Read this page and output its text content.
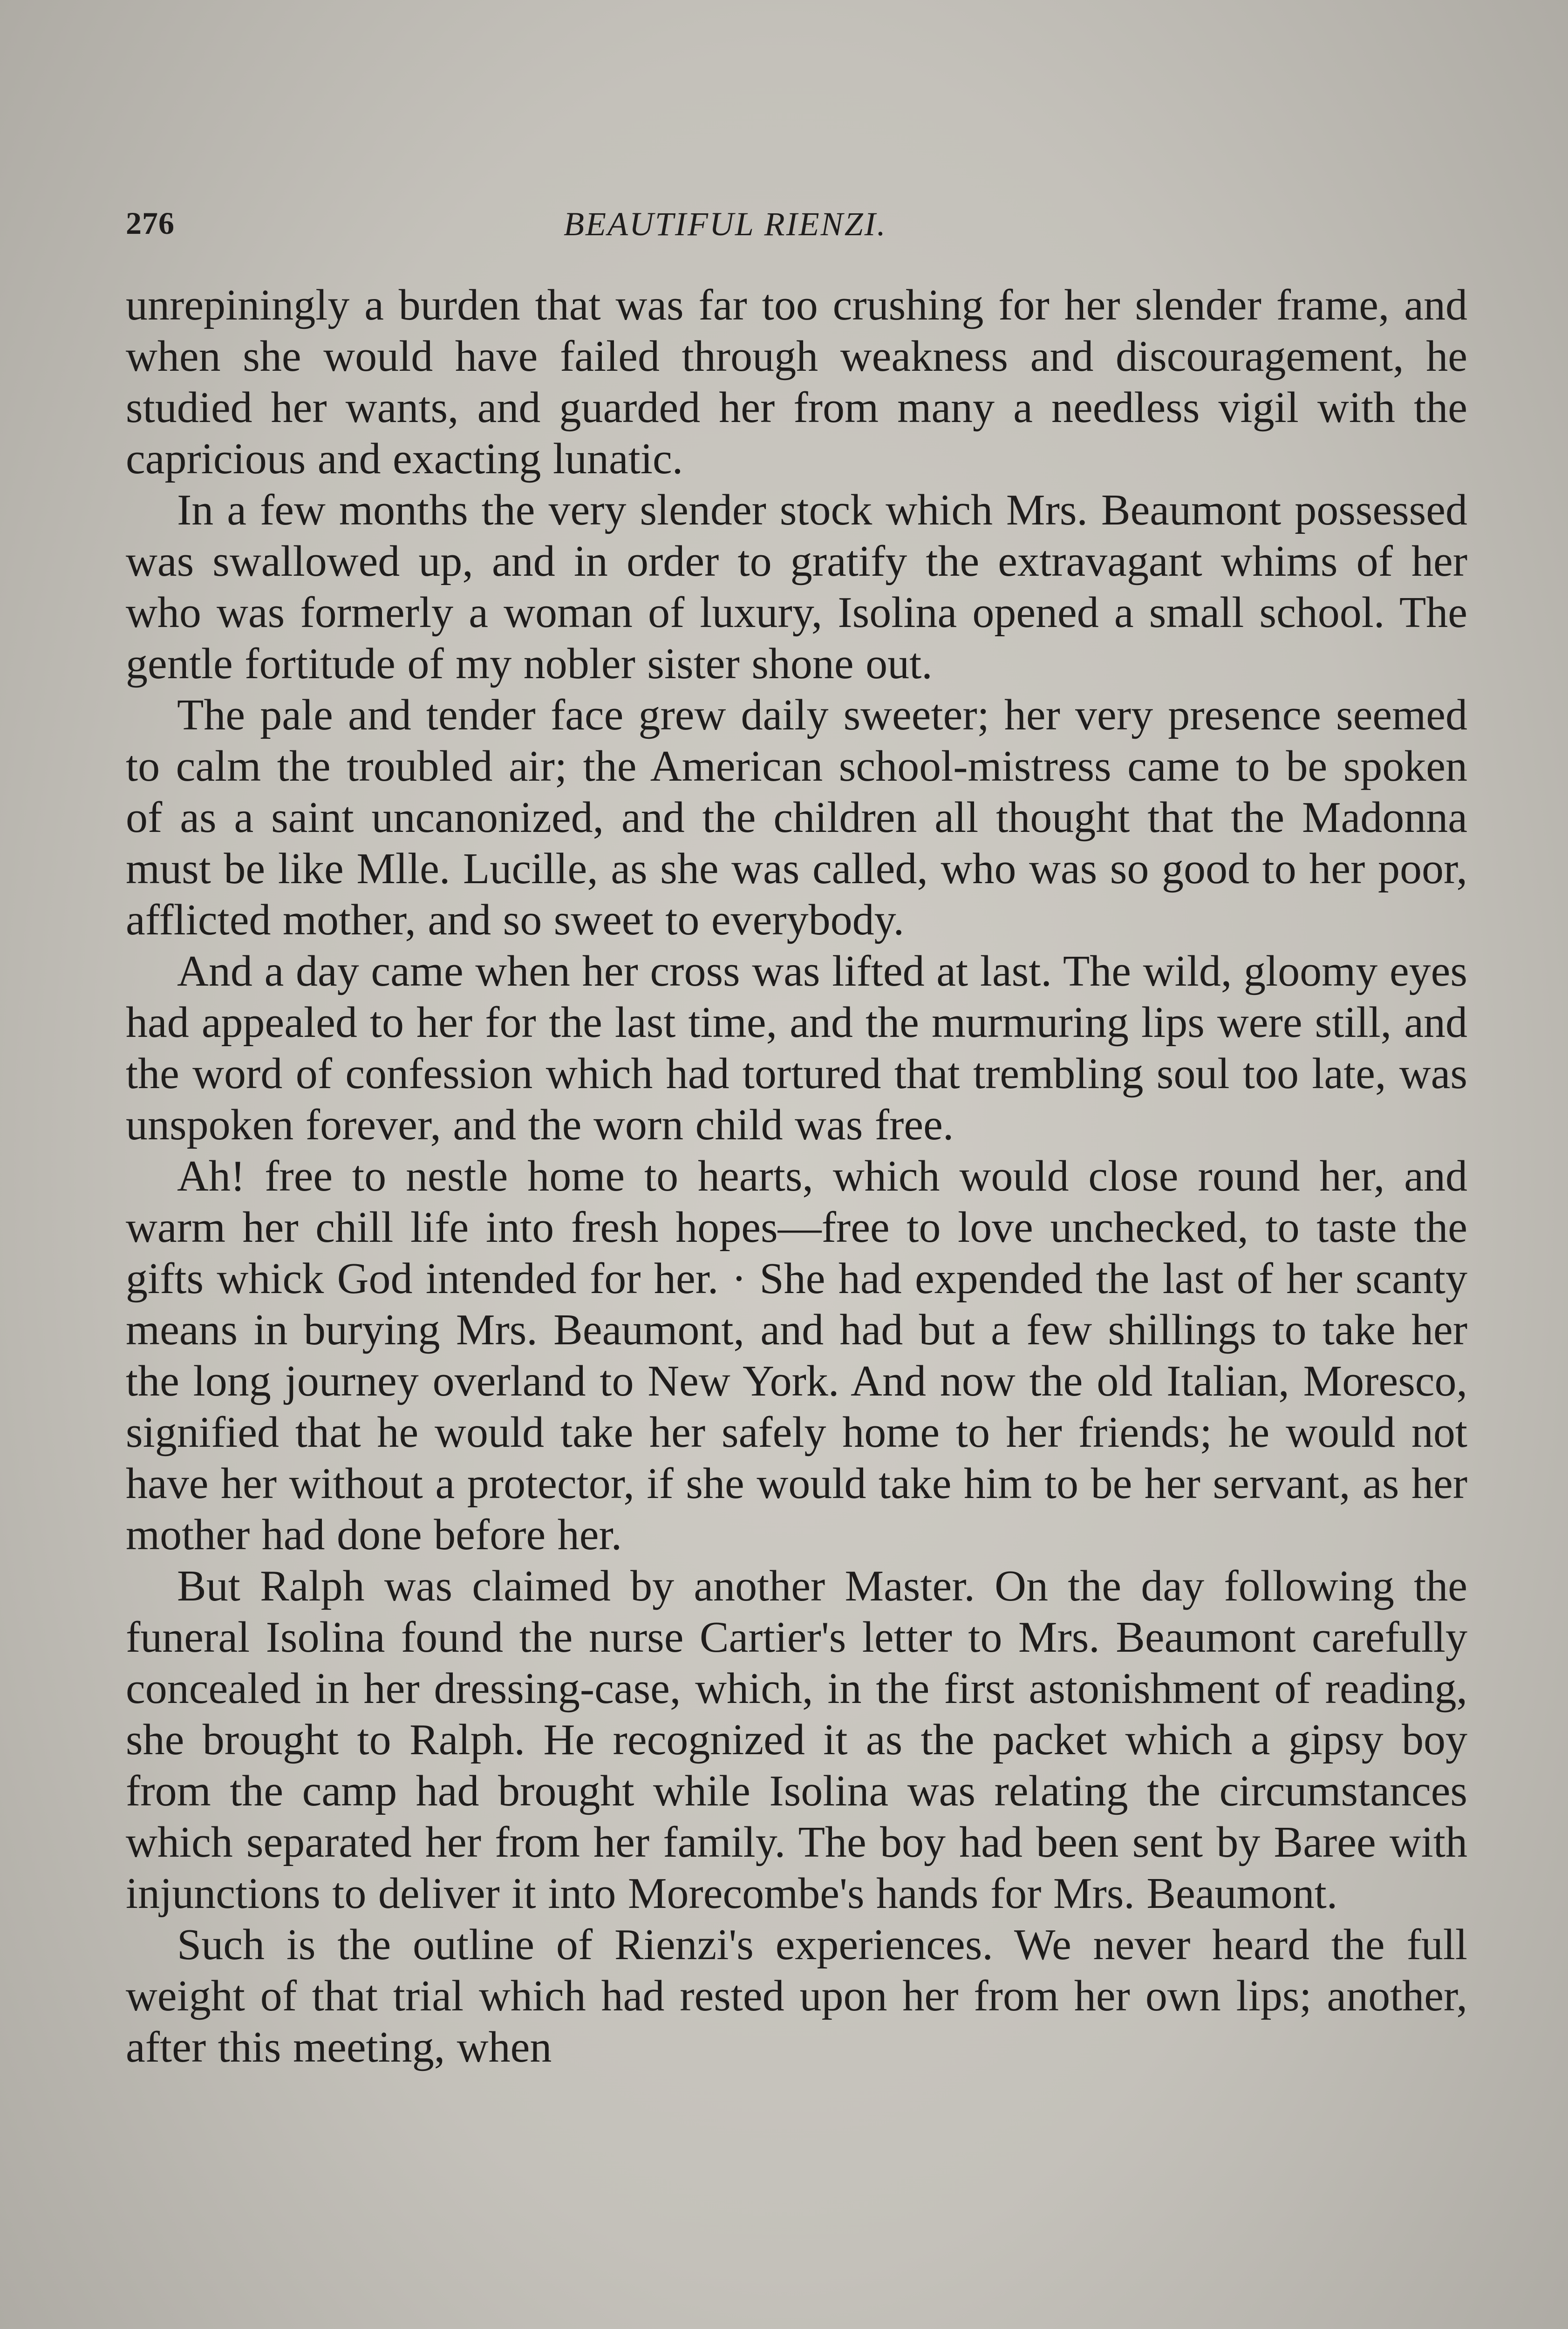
276	BEAUTIFUL RIENZI.

unrepiningly a burden that was far too crushing for her slender frame, and when she would have failed through weakness and discouragement, he studied her wants, and guarded her from many a needless vigil with the capricious and exacting lunatic.

In a few months the very slender stock which Mrs. Beaumont possessed was swallowed up, and in order to gratify the extravagant whims of her who was formerly a woman of luxury, Isolina opened a small school. The gentle fortitude of my nobler sister shone out.

The pale and tender face grew daily sweeter; her very presence seemed to calm the troubled air; the American school-mistress came to be spoken of as a saint uncanonized, and the children all thought that the Madonna must be like Mlle. Lucille, as she was called, who was so good to her poor, afflicted mother, and so sweet to everybody.

And a day came when her cross was lifted at last. The wild, gloomy eyes had appealed to her for the last time, and the murmuring lips were still, and the word of confession which had tortured that trembling soul too late, was unspoken forever, and the worn child was free.

Ah! free to nestle home to hearts, which would close round her, and warm her chill life into fresh hopes—free to love unchecked, to taste the gifts whick God intended for her. · She had expended the last of her scanty means in burying Mrs. Beaumont, and had but a few shillings to take her the long journey overland to New York. And now the old Italian, Moresco, signified that he would take her safely home to her friends; he would not have her without a protector, if she would take him to be her servant, as her mother had done before her.

But Ralph was claimed by another Master. On the day following the funeral Isolina found the nurse Cartier's letter to Mrs. Beaumont carefully concealed in her dressing-case, which, in the first astonishment of reading, she brought to Ralph. He recognized it as the packet which a gipsy boy from the camp had brought while Isolina was relating the circumstances which separated her from her family. The boy had been sent by Baree with injunctions to deliver it into Morecombe's hands for Mrs. Beaumont.

Such is the outline of Rienzi's experiences. We never heard the full weight of that trial which had rested upon her from her own lips; another, after this meeting, when
